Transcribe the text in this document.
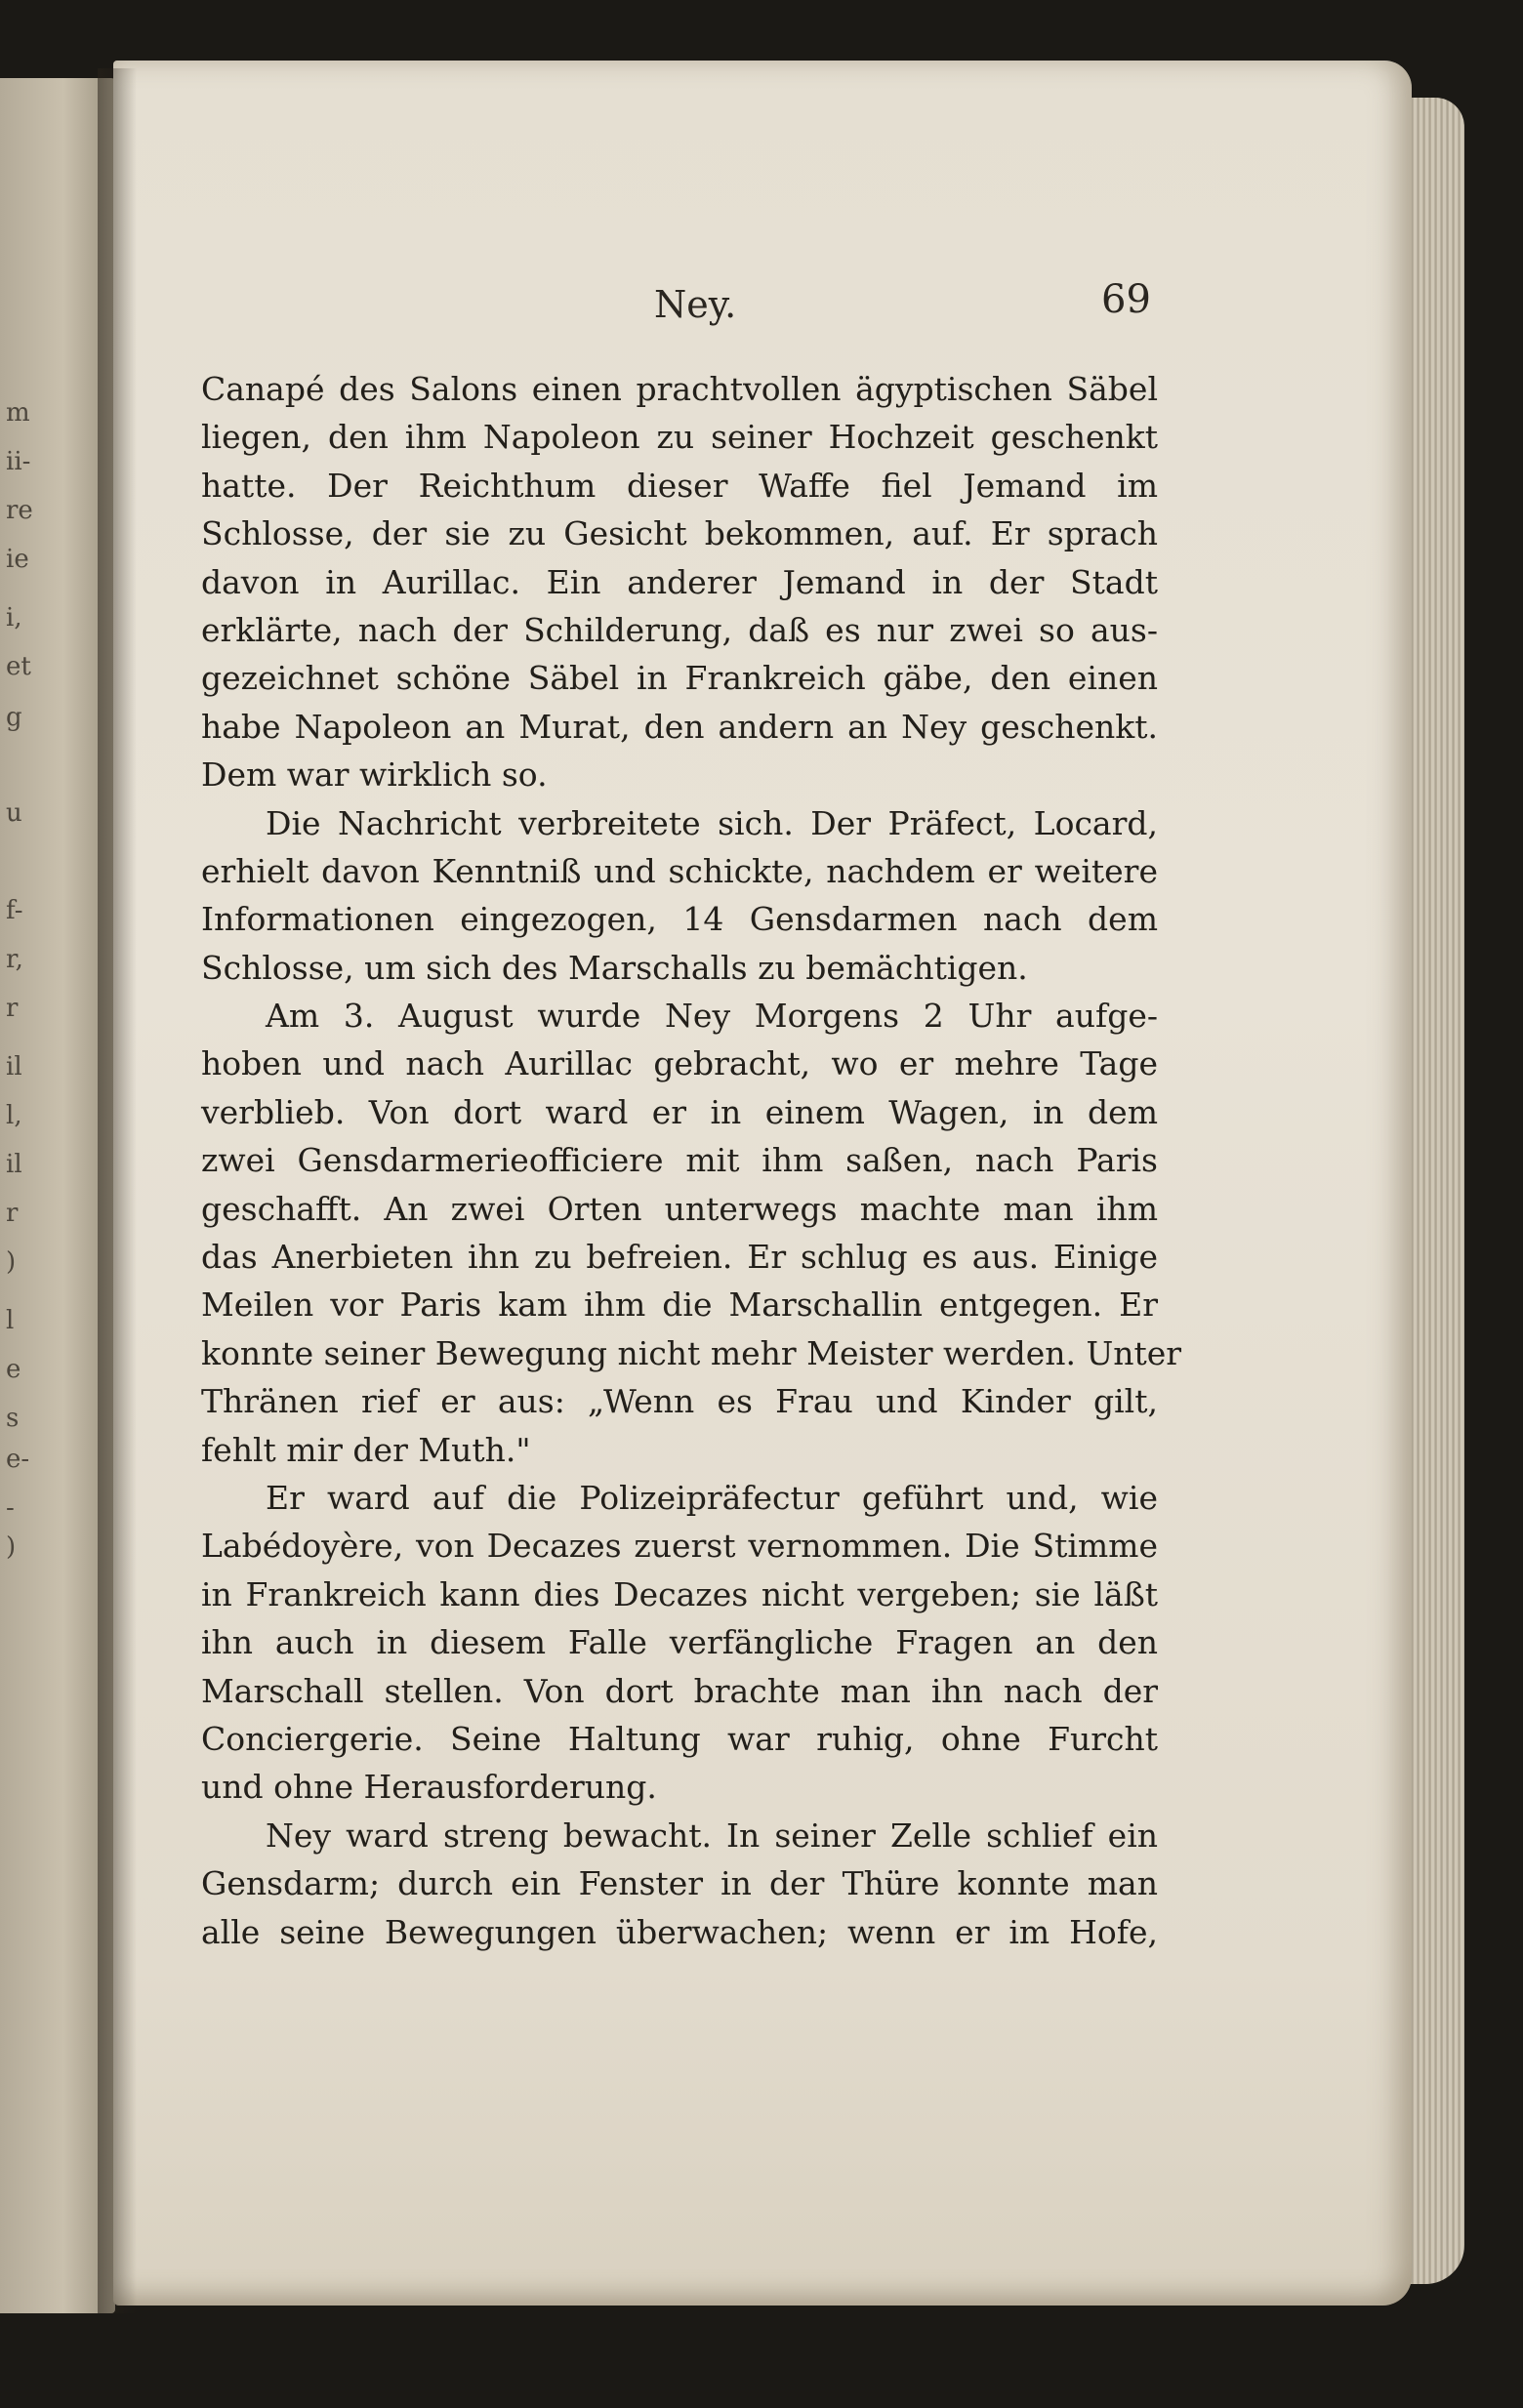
m
ii-
re
ie
i,
et
g
u
f-
r,
r
il
l,
il
r
)
l
e
s
e-
-
)
Ney.	69
Canapé des Salons einen prachtvollen ägyptischen Säbel
liegen, den ihm Napoleon zu seiner Hochzeit geschenkt
hatte. Der Reichthum dieser Waffe fiel Jemand im
Schlosse, der sie zu Gesicht bekommen, auf. Er sprach
davon in Aurillac. Ein anderer Jemand in der Stadt
erklärte, nach der Schilderung, daß es nur zwei so aus-
gezeichnet schöne Säbel in Frankreich gäbe, den einen
habe Napoleon an Murat, den andern an Ney geschenkt.
Dem war wirklich so.
Die Nachricht verbreitete sich. Der Präfect, Locard,
erhielt davon Kenntniß und schickte, nachdem er weitere
Informationen eingezogen, 14 Gensdarmen nach dem
Schlosse, um sich des Marschalls zu bemächtigen.
Am 3. August wurde Ney Morgens 2 Uhr aufge-
hoben und nach Aurillac gebracht, wo er mehre Tage
verblieb. Von dort ward er in einem Wagen, in dem
zwei Gensdarmerieofficiere mit ihm saßen, nach Paris
geschafft. An zwei Orten unterwegs machte man ihm
das Anerbieten ihn zu befreien. Er schlug es aus. Einige
Meilen vor Paris kam ihm die Marschallin entgegen. Er
konnte seiner Bewegung nicht mehr Meister werden. Unter
Thränen rief er aus: „Wenn es Frau und Kinder gilt,
fehlt mir der Muth."
Er ward auf die Polizeipräfectur geführt und, wie
Labédoyère, von Decazes zuerst vernommen. Die Stimme
in Frankreich kann dies Decazes nicht vergeben; sie läßt
ihn auch in diesem Falle verfängliche Fragen an den
Marschall stellen. Von dort brachte man ihn nach der
Conciergerie. Seine Haltung war ruhig, ohne Furcht
und ohne Herausforderung.
Ney ward streng bewacht. In seiner Zelle schlief ein
Gensdarm; durch ein Fenster in der Thüre konnte man
alle seine Bewegungen überwachen; wenn er im Hofe,
